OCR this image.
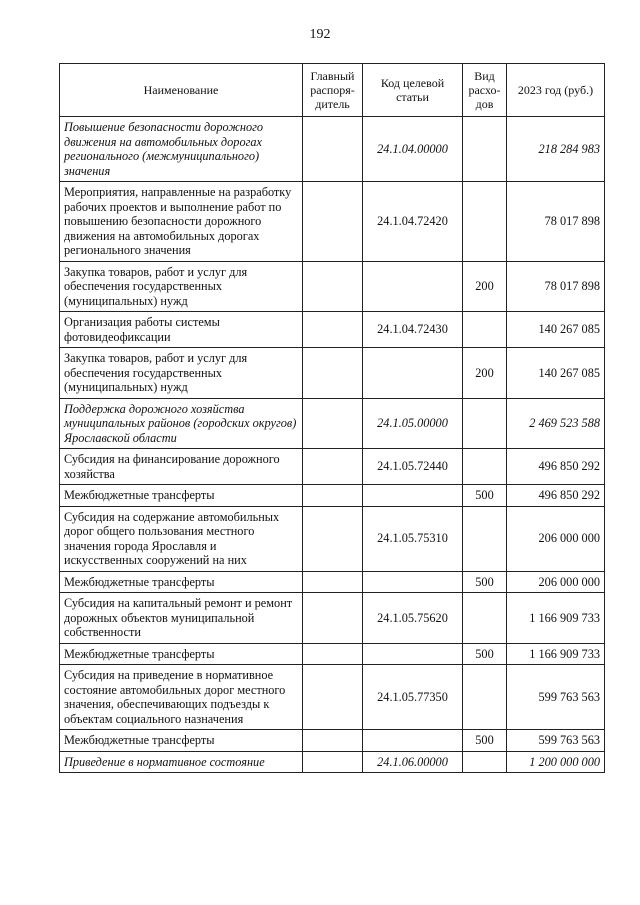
192
Наименование	Главный распоря-дитель	Код целевой статьи	Вид расхо-дов	2023 год (руб.)
Повышение безопасности дорожного движения на автомобильных дорогах регионального (межмуниципального) значения		24.1.04.00000		218 284 983
Мероприятия, направленные на разработку рабочих проектов и выполнение работ по повышению безопасности дорожного движения на автомобильных дорогах регионального значения		24.1.04.72420		78 017 898
Закупка товаров, работ и услуг для обеспечения государственных (муниципальных) нужд			200	78 017 898
Организация работы системы фотовидеофиксации		24.1.04.72430		140 267 085
Закупка товаров, работ и услуг для обеспечения государственных (муниципальных) нужд			200	140 267 085
Поддержка дорожного хозяйства муниципальных районов (городских округов) Ярославской области		24.1.05.00000		2 469 523 588
Субсидия на финансирование дорожного хозяйства		24.1.05.72440		496 850 292
Межбюджетные трансферты			500	496 850 292
Субсидия на содержание автомобильных дорог общего пользования местного значения города Ярославля и искусственных сооружений на них		24.1.05.75310		206 000 000
Межбюджетные трансферты			500	206 000 000
Субсидия на капитальный ремонт и ремонт дорожных объектов муниципальной собственности		24.1.05.75620		1 166 909 733
Межбюджетные трансферты			500	1 166 909 733
Субсидия на приведение в нормативное состояние автомобильных дорог местного значения, обеспечивающих подъезды к объектам социального назначения		24.1.05.77350		599 763 563
Межбюджетные трансферты			500	599 763 563
Приведение в нормативное состояние		24.1.06.00000		1 200 000 000
